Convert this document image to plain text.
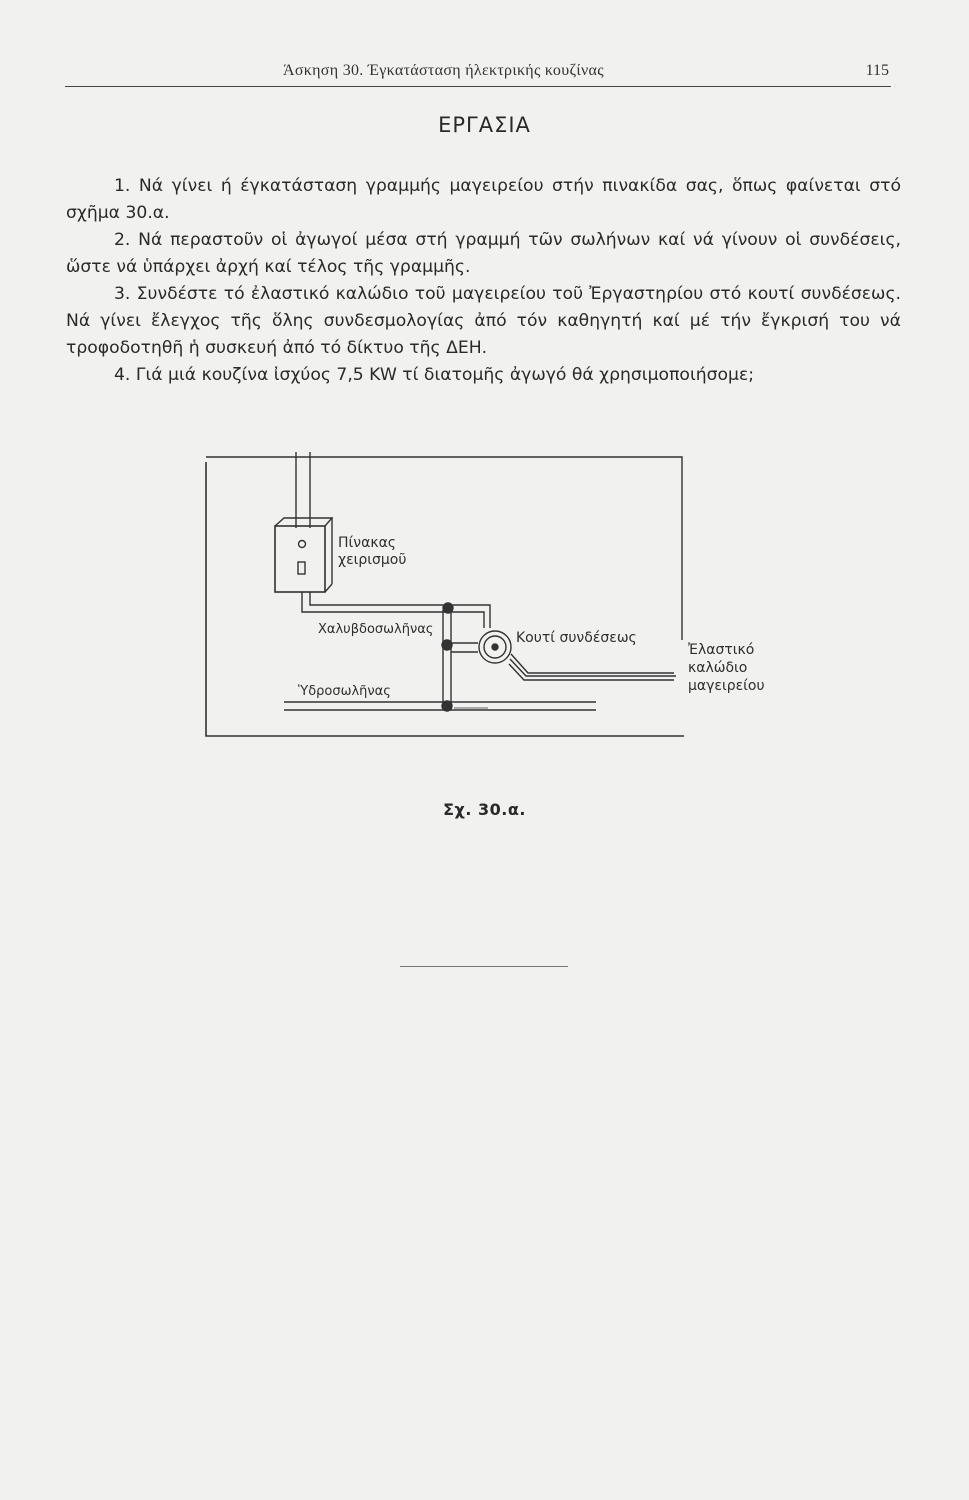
Άσκηση 30. Έγκατάσταση ήλεκτρικής κουζίνας	115
ΕΡΓΑΣΙΑ

1. Νά γίνει ή έγκατάσταση γραμμής μαγειρείου στήν πινακίδα σας, ὅπως φαίνεται στό σχῆμα 30.α.

2. Νά περαστοῦν οἱ ἀγωγοί μέσα στή γραμμή τῶν σωλήνων καί νά γίνουν οἱ συνδέσεις, ὥστε νά ὑπάρχει ἀρχή καί τέλος τῆς γραμμῆς.

3. Συνδέστε τό ἐλαστικό καλώδιο τοῦ μαγειρείου τοῦ Ἐργαστηρίου στό κουτί συνδέσεως. Νά γίνει ἔλεγχος τῆς ὅλης συνδεσμολογίας ἀπό τόν καθηγητή καί μέ τήν ἔγκρισή του νά τροφοδοτηθῆ ἡ συσκευή ἀπό τό δίκτυο τῆς ΔΕΗ.

4. Γιά μιά κουζίνα ἰσχύος 7,5 KW τί διατομῆς ἀγωγό θά χρησιμοποιήσομε;

Πίνακας χειρισμοῦ
Χαλυβδοσωλῆνας
Κουτί συνδέσεως
Ὑδροσωλῆνας
Ἐλαστικό καλώδιο μαγειρείου
Σχ. 30.α.
